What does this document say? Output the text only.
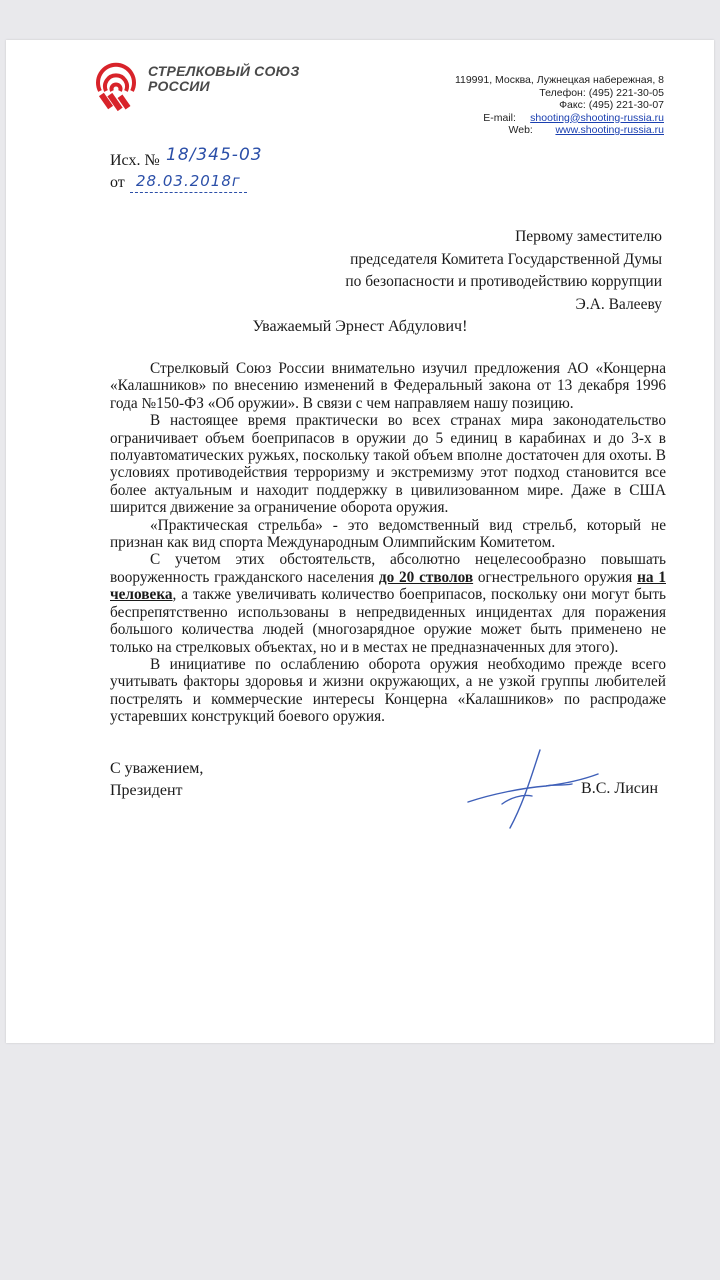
СТРЕЛКОВЫЙ СОЮЗ
РОССИИ	119991, Москва, Лужнецкая набережная, 8
Телефон: (495) 221-30-05
Факс: (495) 221-30-07
E-mail: shooting@shooting-russia.ru
Web: www.shooting-russia.ru
Исх. № 18/345-03
от 28.03.2018г
Первому заместителю
председателя Комитета Государственной Думы
по безопасности и противодействию коррупции
Э.А. Валееву
Уважаемый Эрнест Абдулович!

Стрелковый Союз России внимательно изучил предложения АО «Концерна «Калашников» по внесению изменений в Федеральный закона от 13 декабря 1996 года №150-ФЗ «Об оружии». В связи с чем направляем нашу позицию.

В настоящее время практически во всех странах мира законодательство ограничивает объем боеприпасов в оружии до 5 единиц в карабинах и до 3-х в полуавтоматических ружьях, поскольку такой объем вполне достаточен для охоты. В условиях противодействия терроризму и экстремизму этот подход становится все более актуальным и находит поддержку в цивилизованном мире. Даже в США ширится движение за ограничение оборота оружия.

«Практическая стрельба» - это ведомственный вид стрельб, который не признан как вид спорта Международным Олимпийским Комитетом.

С учетом этих обстоятельств, абсолютно нецелесообразно повышать вооруженность гражданского населения до 20 стволов огнестрельного оружия на 1 человека, а также увеличивать количество боеприпасов, поскольку они могут быть беспрепятственно использованы в непредвиденных инцидентах для поражения большого количества людей (многозарядное оружие может быть применено не только на стрелковых объектах, но и в местах не предназначенных для этого).

В инициативе по ослаблению оборота оружия необходимо прежде всего учитывать факторы здоровья и жизни окружающих, а не узкой группы любителей пострелять и коммерческие интересы Концерна «Калашников» по распродаже устаревших конструкций боевого оружия.

С уважением,
Президент	В.С. Лисин
